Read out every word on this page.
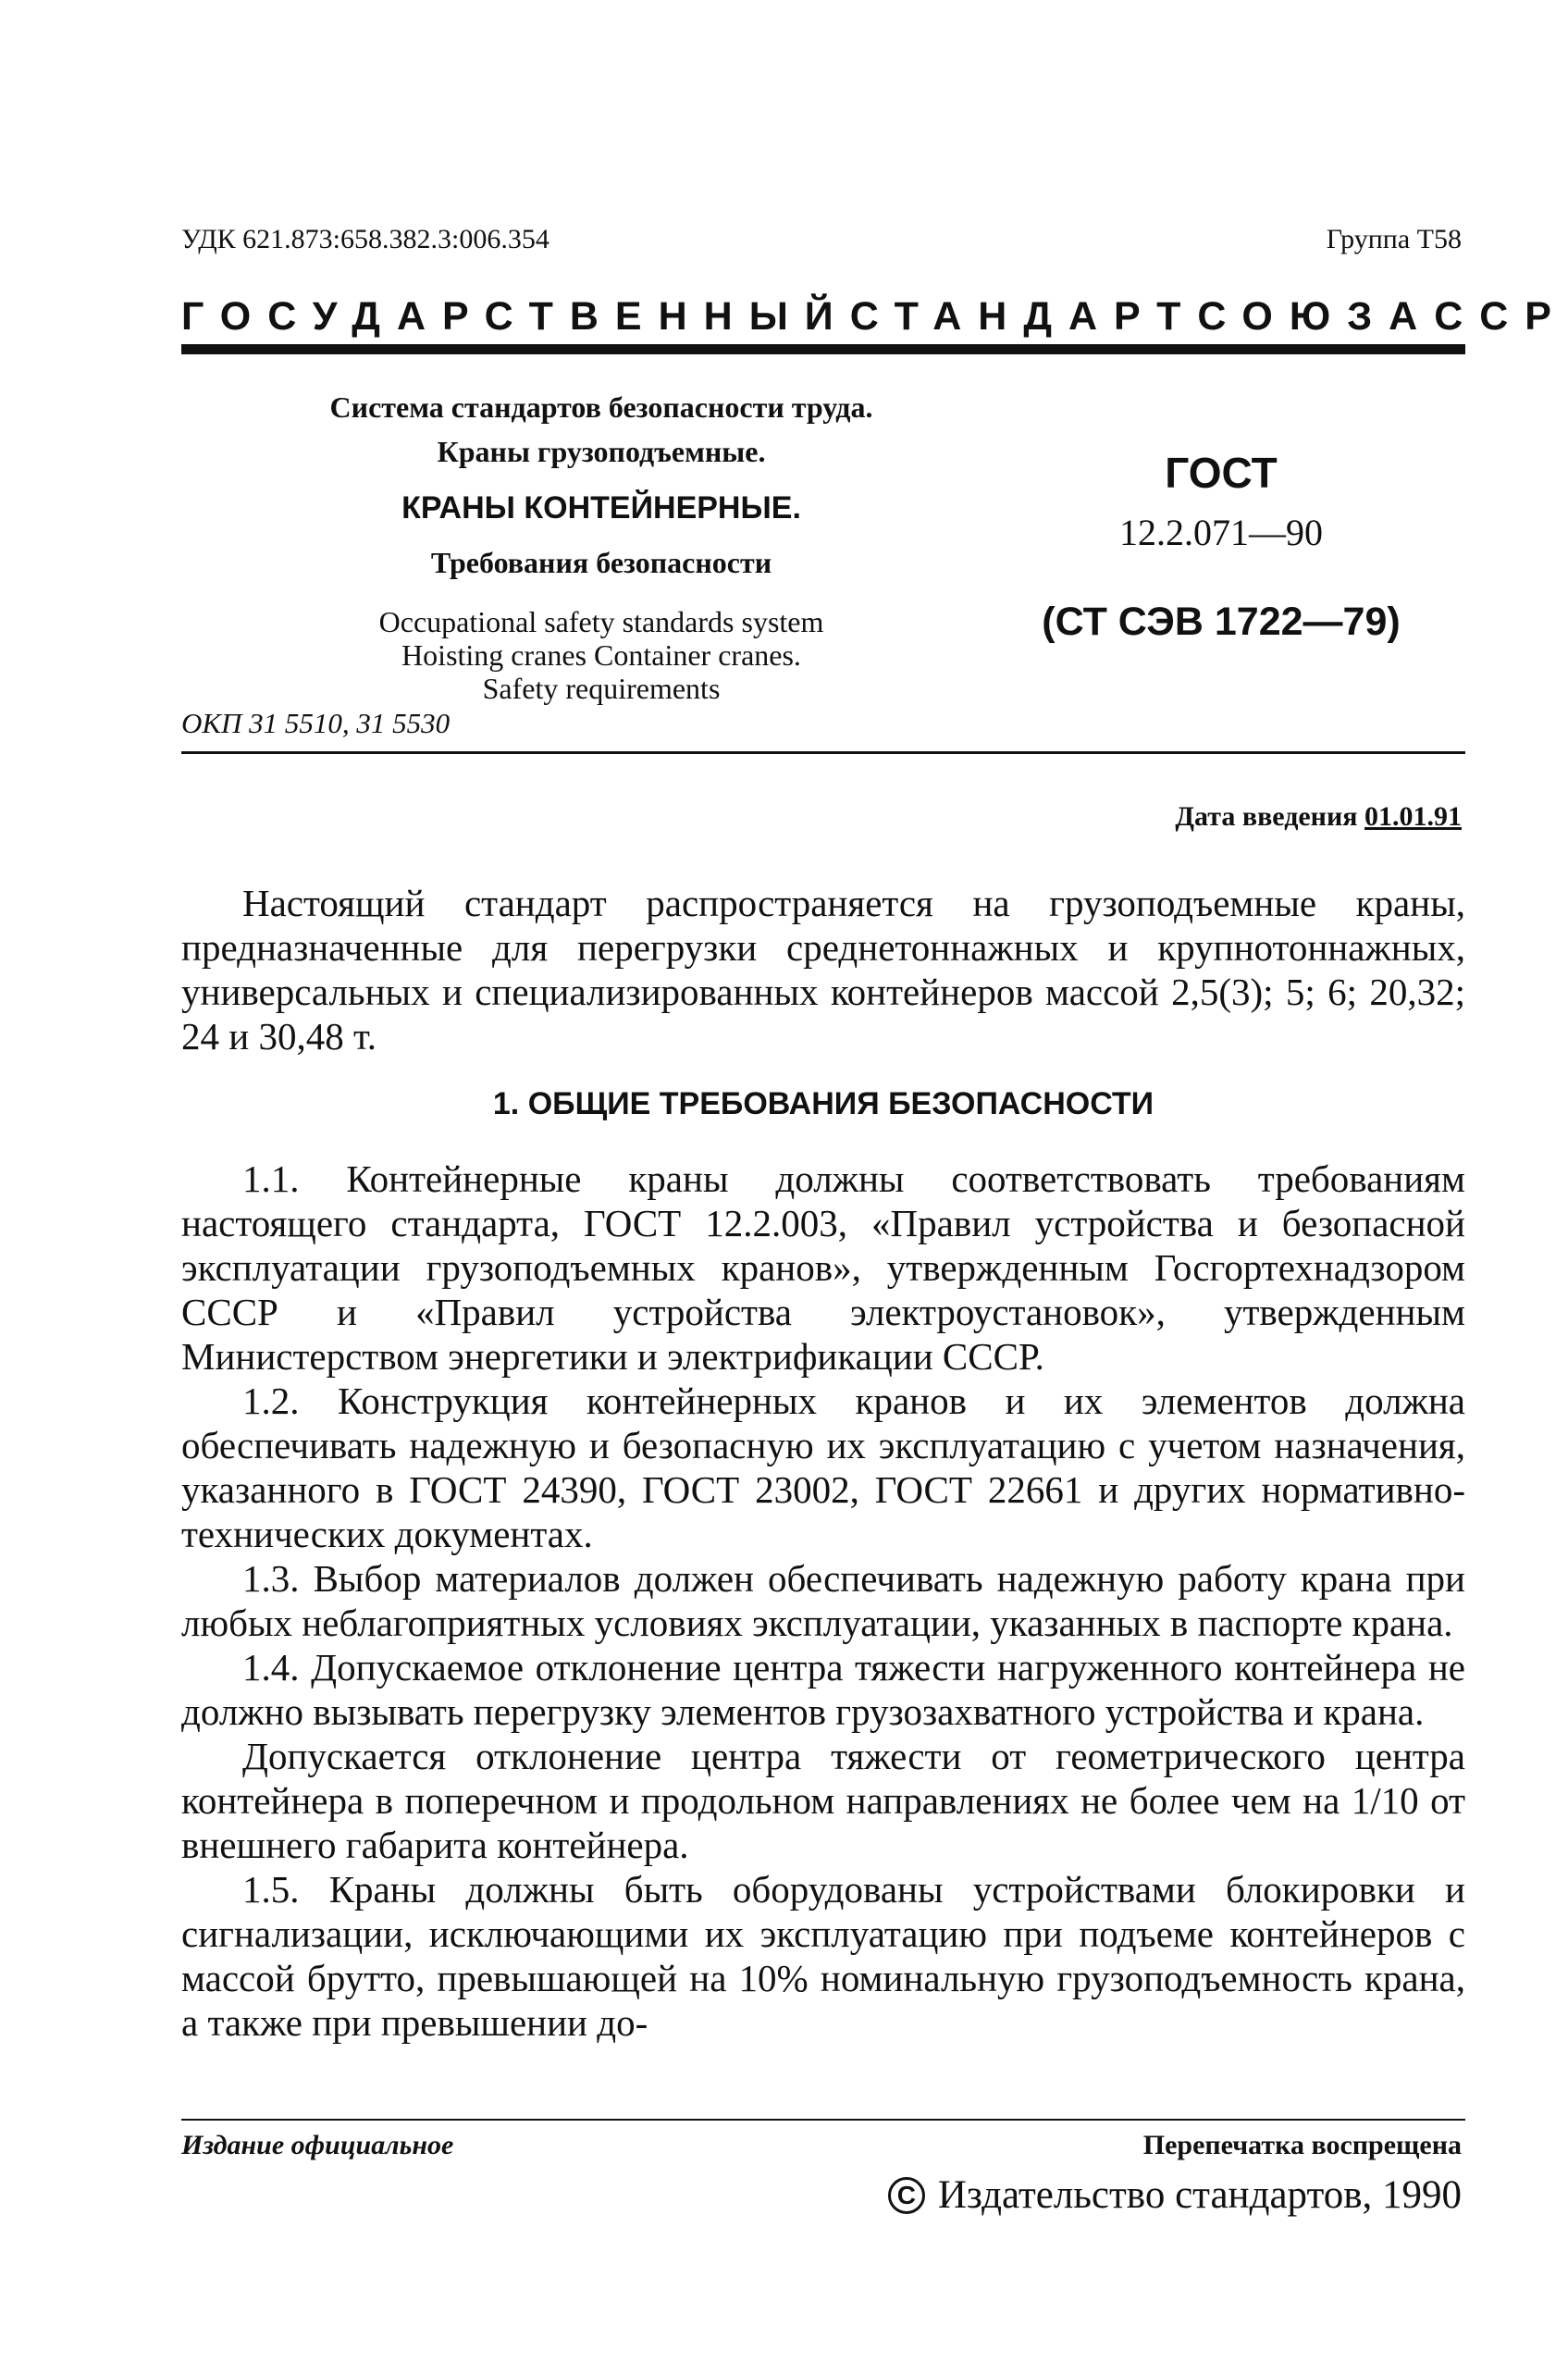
УДК 621.873:658.382.3:006.354	Группа Т58
ГОСУДАРСТВЕННЫЙ СТАНДАРТ СОЮЗА ССР
Система стандартов безопасности труда.
Краны грузоподъемные.
КРАНЫ КОНТЕЙНЕРНЫЕ.
Требования безопасности
Occupational safety standards system
Hoisting cranes Container cranes.
Safety requirements
ОКП 31 5510, 31 5530
ГОСТ
12.2.071—90
(СТ СЭВ 1722—79)
Дата введения 01.01.91

Настоящий стандарт распространяется на грузоподъемные краны, предназначенные для перегрузки среднетоннажных и крупнотоннажных, универсальных и специализированных контейнеров массой 2,5(3); 5; 6; 20,32; 24 и 30,48 т.

1. ОБЩИЕ ТРЕБОВАНИЯ БЕЗОПАСНОСТИ

1.1. Контейнерные краны должны соответствовать требованиям настоящего стандарта, ГОСТ 12.2.003, «Правил устройства и безопасной эксплуатации грузоподъемных кранов», утвержденным Госгортехнадзором СССР и «Правил устройства электроустановок», утвержденным Министерством энергетики и электрификации СССР.

1.2. Конструкция контейнерных кранов и их элементов должна обеспечивать надежную и безопасную их эксплуатацию с учетом назначения, указанного в ГОСТ 24390, ГОСТ 23002, ГОСТ 22661 и других нормативно-технических документах.

1.3. Выбор материалов должен обеспечивать надежную работу крана при любых неблагоприятных условиях эксплуатации, указанных в паспорте крана.

1.4. Допускаемое отклонение центра тяжести нагруженного контейнера не должно вызывать перегрузку элементов грузозахватного устройства и крана.

Допускается отклонение центра тяжести от геометрического центра контейнера в поперечном и продольном направлениях не более чем на 1/10 от внешнего габарита контейнера.

1.5. Краны должны быть оборудованы устройствами блокировки и сигнализации, исключающими их эксплуатацию при подъеме контейнеров с массой брутто, превышающей на 10% номинальную грузоподъемность крана, а также при превышении до-

Издание официальное	Перепечатка воспрещена
C Издательство стандартов, 1990
